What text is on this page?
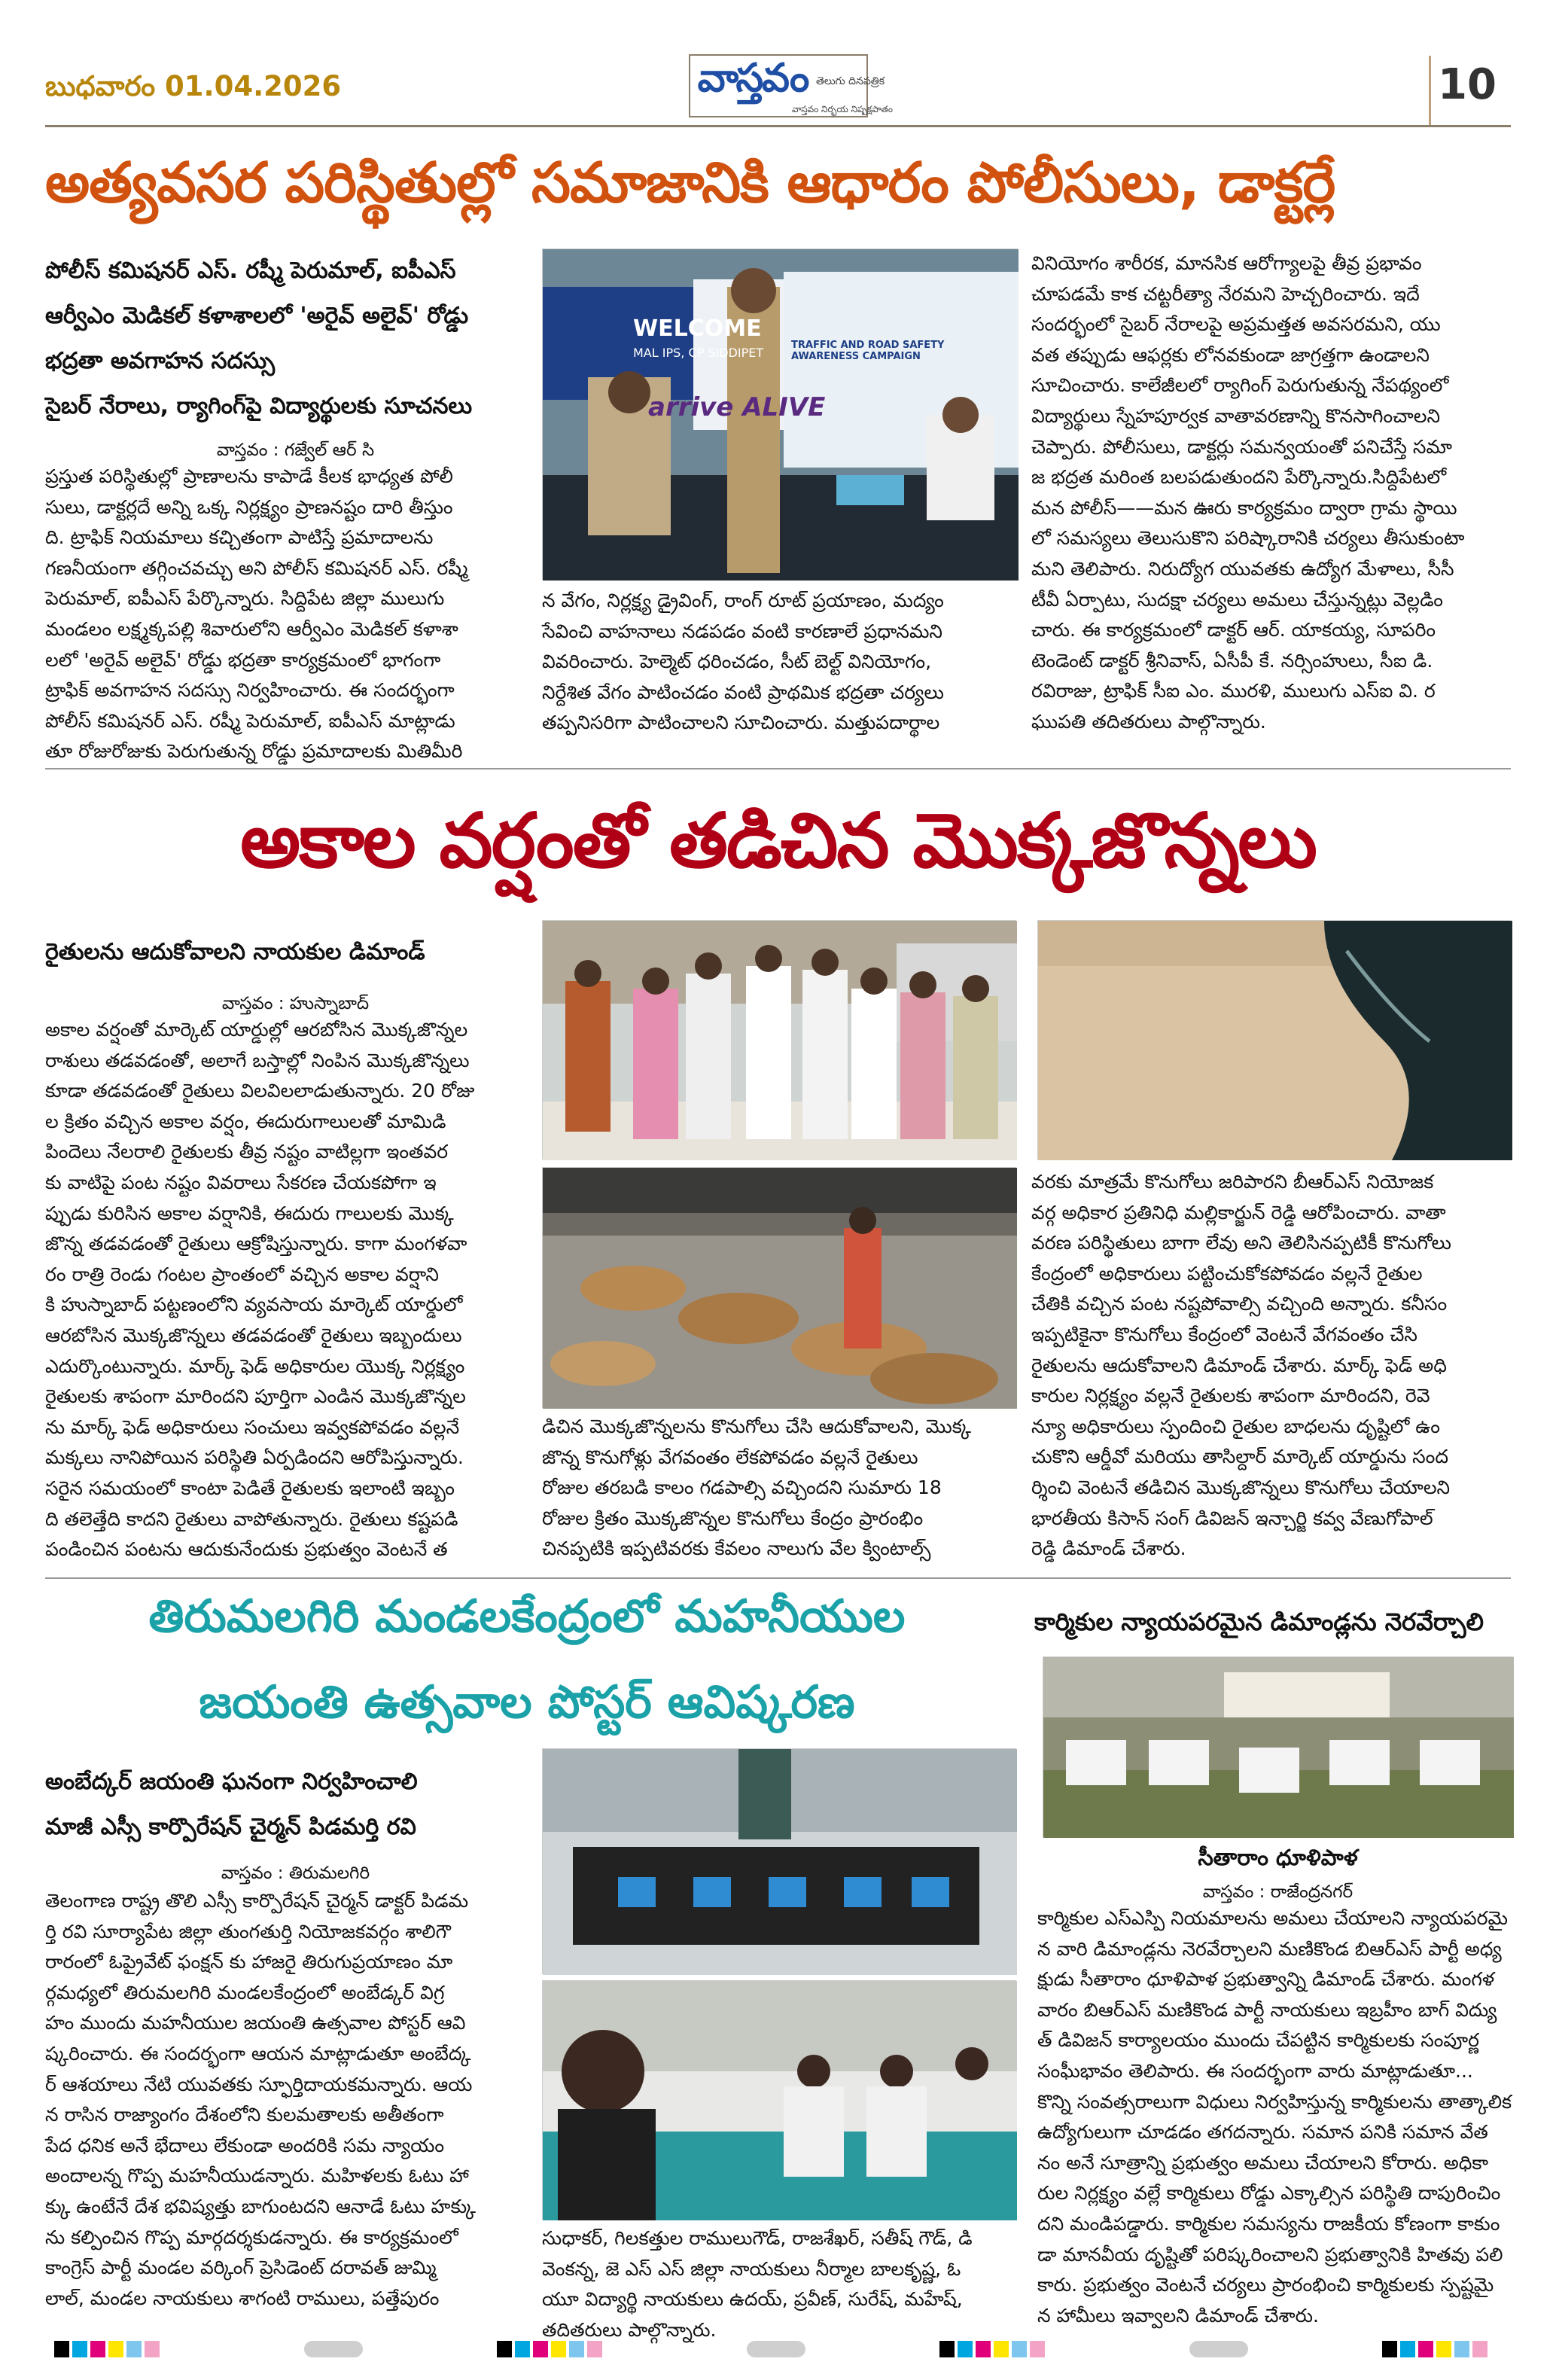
బుధవారం 01.04.2026	వాస్తవం తెలుగు దినపత్రిక
వాస్తవం నిర్భయ నిష్పక్షపాతం	10
అత్యవసర పరిస్థితుల్లో సమాజానికి ఆధారం పోలీసులు, డాక్టర్లే
పోలీస్ కమిషనర్ ఎస్. రష్మీ పెరుమాల్, ఐపీఎస్
ఆర్వీఎం మెడికల్ కళాశాలలో 'అరైవ్ అలైవ్' రోడ్డు
భద్రతా అవగాహన సదస్సు
సైబర్ నేరాలు, ర్యాగింగ్‌పై విద్యార్థులకు సూచనలు
వాస్తవం : గజ్వేల్ ఆర్ సి
ప్రస్తుత పరిస్థితుల్లో ప్రాణాలను కాపాడే కీలక భాధ్యత పోలీ
సులు, డాక్టర్లదే అన్ని ఒక్క నిర్లక్ష్యం ప్రాణనష్టం దారి తీస్తుం
ది. ట్రాఫిక్ నియమాలు కచ్చితంగా పాటిస్తే ప్రమాదాలను
గణనీయంగా తగ్గించవచ్చు అని పోలీస్ కమిషనర్ ఎస్. రష్మీ
పెరుమాల్, ఐపీఎస్ పేర్కొన్నారు. సిద్దిపేట జిల్లా ములుగు
మండలం లక్ష్మక్కపల్లి శివారులోని ఆర్వీఎం మెడికల్ కళాశా
లలో 'అరైవ్ అలైవ్' రోడ్డు భద్రతా కార్యక్రమంలో భాగంగా
ట్రాఫిక్ అవగాహన సదస్సు నిర్వహించారు. ఈ సందర్భంగా
పోలీస్ కమిషనర్ ఎస్. రష్మీ పెరుమాల్, ఐపీఎస్ మాట్లాడు
తూ రోజురోజుకు పెరుగుతున్న రోడ్డు ప్రమాదాలకు మితిమీరి
WELCOME
MAL IPS, CP SIDDIPET
arrive ALIVE
TRAFFIC AND ROAD SAFETY AWARENESS CAMPAIGN
న వేగం, నిర్లక్ష్య డ్రైవింగ్, రాంగ్ రూట్ ప్రయాణం, మద్యం
సేవించి వాహనాలు నడపడం వంటి కారణాలే ప్రధానమని
వివరించారు. హెల్మెట్ ధరించడం, సీట్ బెల్ట్ వినియోగం,
నిర్దేశిత వేగం పాటించడం వంటి ప్రాథమిక భద్రతా చర్యలు
తప్పనిసరిగా పాటించాలని సూచించారు. మత్తుపదార్థాల
వినియోగం శారీరక, మానసిక ఆరోగ్యాలపై తీవ్ర ప్రభావం
చూపడమే కాక చట్టరీత్యా నేరమని హెచ్చరించారు. ఇదే
సందర్భంలో సైబర్ నేరాలపై అప్రమత్తత అవసరమని, యు
వత తప్పుడు ఆఫర్లకు లోనవకుండా జాగ్రత్తగా ఉండాలని
సూచించారు. కాలేజీలలో ర్యాగింగ్ పెరుగుతున్న నేపథ్యంలో
విద్యార్థులు స్నేహపూర్వక వాతావరణాన్ని కొనసాగించాలని
చెప్పారు. పోలీసులు, డాక్టర్లు సమన్వయంతో పనిచేస్తే సమా
జ భద్రత మరింత బలపడుతుందని పేర్కొన్నారు.సిద్దిపేటలో
మన పోలీస్——మన ఊరు కార్యక్రమం ద్వారా గ్రామ స్థాయి
లో సమస్యలు తెలుసుకొని పరిష్కారానికి చర్యలు తీసుకుంటా
మని తెలిపారు. నిరుద్యోగ యువతకు ఉద్యోగ మేళాలు, సీసీ
టీవీ ఏర్పాటు, సుదక్షా చర్యలు అమలు చేస్తున్నట్లు వెల్లడిం
చారు. ఈ కార్యక్రమంలో డాక్టర్ ఆర్. యాకయ్య, సూపరిం
టెండెంట్ డాక్టర్ శ్రీనివాస్, ఏసీపీ కే. నర్సింహులు, సీఐ డి.
రవిరాజు, ట్రాఫిక్ సీఐ ఎం. మురళి, ములుగు ఎస్ఐ వి. ర
ఘుపతి తదితరులు పాల్గొన్నారు.
అకాల వర్షంతో తడిచిన మొక్కజొన్నలు
రైతులను ఆదుకోవాలని నాయకుల డిమాండ్
వాస్తవం : హుస్నాబాద్
అకాల వర్షంతో మార్కెట్ యార్డుల్లో ఆరబోసిన మొక్కజొన్నల
రాశులు తడవడంతో, అలాగే బస్తాల్లో నింపిన మొక్కజొన్నలు
కూడా తడవడంతో రైతులు విలవిలలాడుతున్నారు. 20 రోజు
ల క్రితం వచ్చిన అకాల వర్షం, ఈదురుగాలులతో మామిడి
పిందెలు నేలరాలి రైతులకు తీవ్ర నష్టం వాటిల్లగా ఇంతవర
కు వాటిపై పంట నష్టం వివరాలు సేకరణ చేయకపోగా ఇ
ప్పుడు కురిసిన అకాల వర్షానికి, ఈదురు గాలులకు మొక్క
జొన్న తడవడంతో రైతులు ఆక్రోషిస్తున్నారు. కాగా మంగళవా
రం రాత్రి రెండు గంటల ప్రాంతంలో వచ్చిన అకాల వర్షాని
కి హుస్నాబాద్ పట్టణంలోని వ్యవసాయ మార్కెట్ యార్డులో
ఆరబోసిన మొక్కజొన్నలు తడవడంతో రైతులు ఇబ్బందులు
ఎదుర్కొంటున్నారు. మార్క్ ఫెడ్ అధికారుల యొక్క నిర్లక్ష్యం
రైతులకు శాపంగా మారిందని పూర్తిగా ఎండిన మొక్కజొన్నల
ను మార్క్ ఫెడ్ అధికారులు సంచులు ఇవ్వకపోవడం వల్లనే
మక్కలు నానిపోయిన పరిస్థితి ఏర్పడిందని ఆరోపిస్తున్నారు.
సరైన సమయంలో కాంటా పెడితే రైతులకు ఇలాంటి ఇబ్బం
ది తలెత్తేది కాదని రైతులు వాపోతున్నారు. రైతులు కష్టపడి
పండించిన పంటను ఆదుకునేందుకు ప్రభుత్వం వెంటనే త
డిచిన మొక్కజొన్నలను కొనుగోలు చేసి ఆదుకోవాలని, మొక్క
జొన్న కొనుగోళ్లు వేగవంతం లేకపోవడం వల్లనే రైతులు
రోజుల తరబడి కాలం గడపాల్సి వచ్చిందని సుమారు 18
రోజుల క్రితం మొక్కజొన్నల కొనుగోలు కేంద్రం ప్రారంభిం
చినప్పటికి ఇప్పటివరకు కేవలం నాలుగు వేల క్వింటాల్స్
వరకు మాత్రమే కొనుగోలు జరిపారని బీఆర్ఎస్ నియోజక
వర్గ అధికార ప్రతినిధి మల్లికార్జున్ రెడ్డి ఆరోపించారు. వాతా
వరణ పరిస్థితులు బాగా లేవు అని తెలిసినప్పటికీ కొనుగోలు
కేంద్రంలో అధికారులు పట్టించుకోకపోవడం వల్లనే రైతుల
చేతికి వచ్చిన పంట నష్టపోవాల్సి వచ్చింది అన్నారు. కనీసం
ఇప్పటికైనా కొనుగోలు కేంద్రంలో వెంటనే వేగవంతం చేసి
రైతులను ఆదుకోవాలని డిమాండ్ చేశారు. మార్క్ ఫెడ్ అధి
కారుల నిర్లక్ష్యం వల్లనే రైతులకు శాపంగా మారిందని, రెవె
న్యూ అధికారులు స్పందించి రైతుల బాధలను దృష్టిలో ఉం
చుకొని ఆర్డీవో మరియు తాసిల్దార్ మార్కెట్ యార్డును సంద
ర్శించి వెంటనే తడిచిన మొక్కజొన్నలు కొనుగోలు చేయాలని
భారతీయ కిసాన్ సంగ్ డివిజన్ ఇన్చార్జి కవ్వ వేణుగోపాల్
రెడ్డి డిమాండ్ చేశారు.
తిరుమలగిరి మండలకేంద్రంలో మహనీయుల
జయంతి ఉత్సవాల పోస్టర్ ఆవిష్కరణ
అంబేద్కర్ జయంతి ఘనంగా నిర్వహించాలి
మాజీ ఎస్సీ కార్పొరేషన్ చైర్మన్ పిడమర్తి రవి
వాస్తవం : తిరుమలగిరి
తెలంగాణ రాష్ట్ర తొలి ఎస్సీ కార్పొరేషన్ చైర్మన్ డాక్టర్ పిడమ
ర్తి రవి సూర్యాపేట జిల్లా తుంగతుర్తి నియోజకవర్గం శాలిగౌ
రారంలో ఓప్రైవేట్ ఫంక్షన్ కు హాజరై తిరుగుప్రయాణం మా
ర్గమధ్యలో తిరుమలగిరి మండలకేంద్రంలో అంబేడ్కర్ విగ్ర
హం ముందు మహనీయుల జయంతి ఉత్సవాల పోస్టర్ ఆవి
ష్కరించారు. ఈ సందర్భంగా ఆయన మాట్లాడుతూ అంబేద్క
ర్ ఆశయాలు నేటి యువతకు స్ఫూర్తిదాయకమన్నారు. ఆయ
న రాసిన రాజ్యాంగం దేశంలోని కులమతాలకు అతీతంగా
పేద ధనిక అనే భేదాలు లేకుండా అందరికి సమ న్యాయం
అందాలన్న గొప్ప మహనీయుడన్నారు. మహిళలకు ఓటు హా
క్కు ఉంటేనే దేశ భవిష్యత్తు బాగుంటదని ఆనాడే ఓటు హక్కు
ను కల్పించిన గొప్ప మార్గదర్శకుడన్నారు. ఈ కార్యక్రమంలో
కాంగ్రెస్ పార్టీ మండల వర్కింగ్ ప్రెసిడెంట్ దరావత్ జుమ్మి
లాల్, మండల నాయకులు శాగంటి రాములు, పత్తేపురం
సుధాకర్, గిలకత్తుల రాములుగౌడ్, రాజశేఖర్, సతీష్ గౌడ్, డి
వెంకన్న, జె ఎస్ ఎస్ జిల్లా నాయకులు నీర్మాల బాలకృష్ణ, ఓ
యూ విద్యార్థి నాయకులు ఉదయ్, ప్రవీణ్, సురేష్, మహేష్,
తదితరులు పాల్గొన్నారు.
కార్మికుల న్యాయపరమైన డిమాండ్లను నెరవేర్చాలి
సీతారాం ధూళిపాళ
వాస్తవం : రాజేంద్రనగర్
కార్మికుల ఎస్ఎస్పి నియమాలను అమలు చేయాలని న్యాయపరమై
న వారి డిమాండ్లను నెరవేర్చాలని మణికొండ బిఆర్ఎస్ పార్టీ అధ్య
క్షుడు సీతారాం ధూళిపాళ ప్రభుత్వాన్ని డిమాండ్ చేశారు. మంగళ
వారం బిఆర్ఎస్ మణికొండ పార్టీ నాయకులు ఇబ్రహీం బాగ్ విద్యు
త్ డివిజన్ కార్యాలయం ముందు చేపట్టిన కార్మికులకు సంపూర్ణ
సంఘీభావం తెలిపారు. ఈ సందర్భంగా వారు మాట్లాడుతూ...
కొన్ని సంవత్సరాలుగా విధులు నిర్వహిస్తున్న కార్మికులను తాత్కాలిక
ఉద్యోగులుగా చూడడం తగదన్నారు. సమాన పనికి సమాన వేత
నం అనే సూత్రాన్ని ప్రభుత్వం అమలు చేయాలని కోరారు. అధికా
రుల నిర్లక్ష్యం వల్లే కార్మికులు రోడ్డు ఎక్కాల్సిన పరిస్థితి దాపురించిం
దని మండిపడ్డారు. కార్మికుల సమస్యను రాజకీయ కోణంగా కాకుం
డా మానవీయ దృష్టితో పరిష్కరించాలని ప్రభుత్వానికి హితవు పలి
కారు. ప్రభుత్వం వెంటనే చర్యలు ప్రారంభించి కార్మికులకు స్పష్టమై
న హామీలు ఇవ్వాలని డిమాండ్ చేశారు.
